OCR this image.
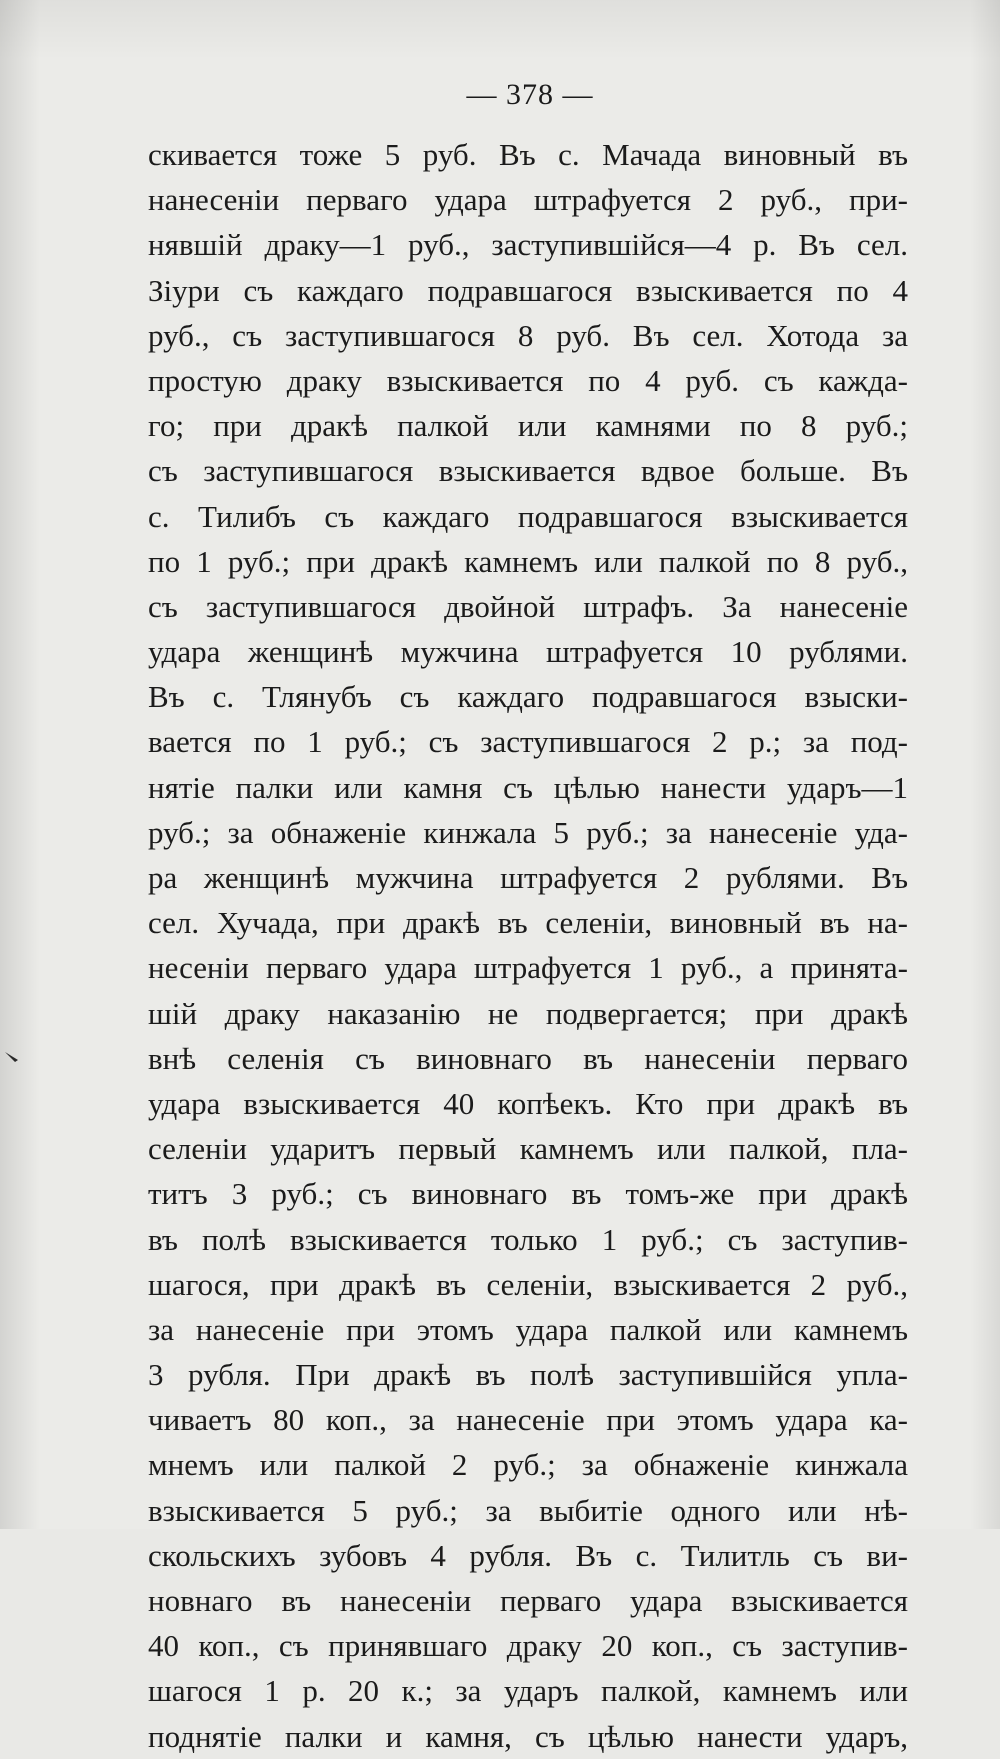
— 378 —
скивается тоже 5 руб. Въ с. Мачада виновный въ
нанесенiи перваго удара штрафуется 2 руб., при-
нявшiй драку—1 руб., заступившiйся—4 р. Въ сел.
Зiури съ каждаго подравшагося взыскивается по 4
руб., съ заступившагося 8 руб. Въ сел. Хотода за
простую драку взыскивается по 4 руб. съ кажда-
го; при дракѣ палкой или камнями по 8 руб.;
съ заступившагося взыскивается вдвое больше. Въ
с. Тилибъ съ каждаго подравшагося взыскивается
по 1 руб.; при дракѣ камнемъ или палкой по 8 руб.,
съ заступившагося двойной штрафъ. За нанесенiе
удара женщинѣ мужчина штрафуется 10 рублями.
Въ с. Тлянубъ съ каждаго подравшагося взыски-
вается по 1 руб.; съ заступившагося 2 р.; за под-
нятiе палки или камня съ цѣлью нанести ударъ—1
руб.; за обнаженiе кинжала 5 руб.; за нанесенiе уда-
ра женщинѣ мужчина штрафуется 2 рублями. Въ
сел. Хучада, при дракѣ въ селенiи, виновный въ на-
несенiи перваго удара штрафуется 1 руб., а принята-
шiй драку наказанiю не подвергается; при дракѣ
внѣ селенiя съ виновнаго въ нанесенiи перваго
удара взыскивается 40 копѣекъ. Кто при дракѣ въ
селенiи ударитъ первый камнемъ или палкой, пла-
титъ 3 руб.; съ виновнаго въ томъ-же при дракѣ
въ полѣ взыскивается только 1 руб.; съ заступив-
шагося, при дракѣ въ селенiи, взыскивается 2 руб.,
за нанесенiе при этомъ удара палкой или камнемъ
3 рубля. При дракѣ въ полѣ заступившiйся упла-
чиваетъ 80 коп., за нанесенiе при этомъ удара ка-
мнемъ или палкой 2 руб.; за обнаженiе кинжала
взыскивается 5 руб.; за выбитiе одного или нѣ-
скольскихъ зубовъ 4 рубля. Въ с. Тилитль съ ви-
новнаго въ нанесенiи перваго удара взыскивается
40 коп., съ принявшаго драку 20 коп., съ заступив-
шагося 1 р. 20 к.; за ударъ палкой, камнемъ или
поднятiе палки и камня, съ цѣлью нанести ударъ,
